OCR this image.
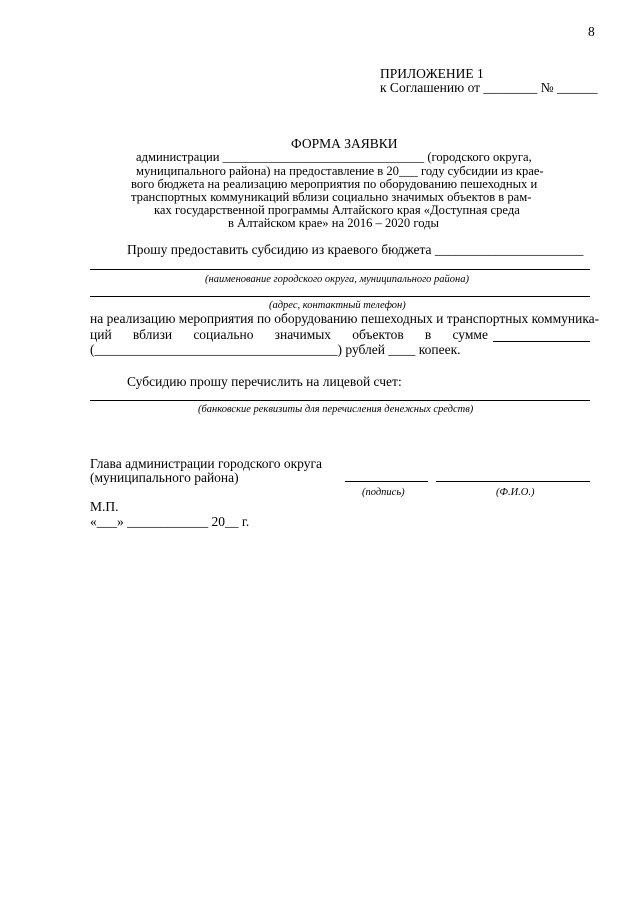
8
ПРИЛОЖЕНИЕ 1
к Соглашению от ________ № ______
ФОРМА ЗАЯВКИ
администрации ________________________________ (городского округа,
муниципального района) на предоставление в 20___ году субсидии из крае-
вого бюджета на реализацию мероприятия по оборудованию пешеходных и
транспортных коммуникаций вблизи социально значимых объектов в рам-
ках государственной программы Алтайского края «Доступная среда
в Алтайском крае» на 2016 – 2020 годы
Прошу предоставить субсидию из краевого бюджета ______________________
(наименование городского округа, муниципального района)
(адрес, контактный телефон)
на реализацию мероприятия по оборудованию пешеходных и транспортных коммуника-
ций вблизи социально значимых объектов в сумме
(____________________________________) рублей ____ копеек.
Субсидию прошу перечислить на лицевой счет:
(банковские реквизиты для перечисления денежных средств)
Глава администрации городского округа
(муниципального района)
(подпись)	(Ф.И.О.)
М.П.
«___» ____________ 20__ г.
